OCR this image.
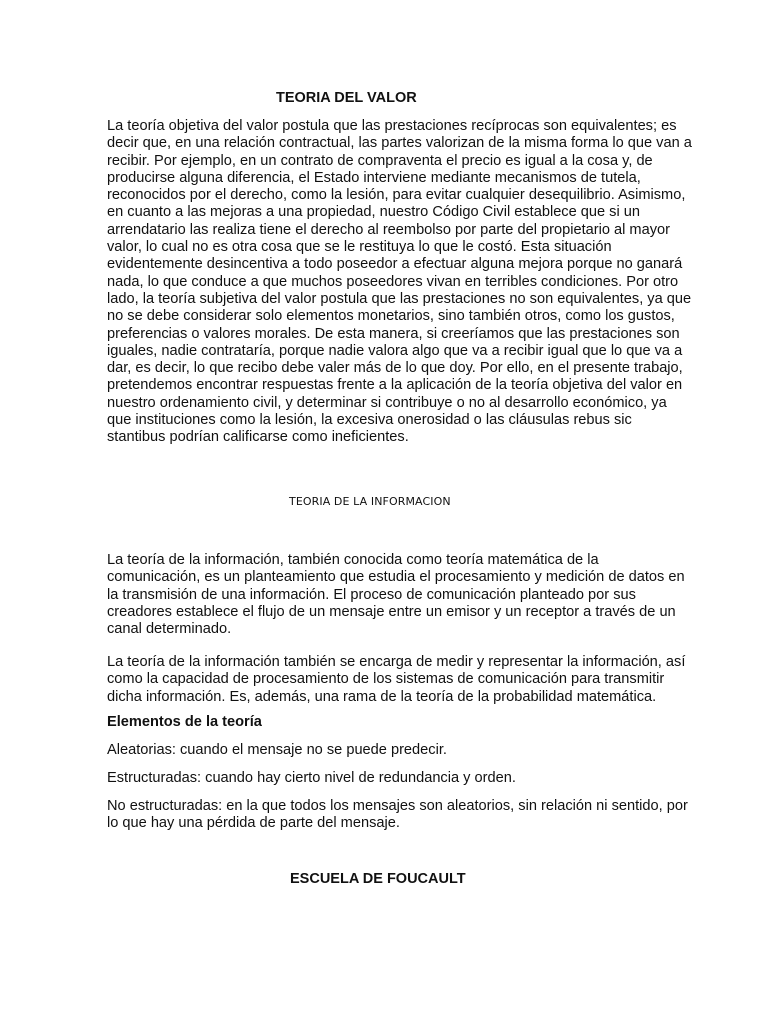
TEORIA DEL VALOR

La teoría objetiva del valor postula que las prestaciones recíprocas son equivalentes; es
decir que, en una relación contractual, las partes valorizan de la misma forma lo que van a
recibir. Por ejemplo, en un contrato de compraventa el precio es igual a la cosa y, de
producirse alguna diferencia, el Estado interviene mediante mecanismos de tutela,
reconocidos por el derecho, como la lesión, para evitar cualquier desequilibrio. Asimismo,
en cuanto a las mejoras a una propiedad, nuestro Código Civil establece que si un
arrendatario las realiza tiene el derecho al reembolso por parte del propietario al mayor
valor, lo cual no es otra cosa que se le restituya lo que le costó. Esta situación
evidentemente desincentiva a todo poseedor a efectuar alguna mejora porque no ganará
nada, lo que conduce a que muchos poseedores vivan en terribles condiciones. Por otro
lado, la teoría subjetiva del valor postula que las prestaciones no son equivalentes, ya que
no se debe considerar solo elementos monetarios, sino también otros, como los gustos,
preferencias o valores morales. De esta manera, si creeríamos que las prestaciones son
iguales, nadie contrataría, porque nadie valora algo que va a recibir igual que lo que va a
dar, es decir, lo que recibo debe valer más de lo que doy. Por ello, en el presente trabajo,
pretendemos encontrar respuestas frente a la aplicación de la teoría objetiva del valor en
nuestro ordenamiento civil, y determinar si contribuye o no al desarrollo económico, ya
que instituciones como la lesión, la excesiva onerosidad o las cláusulas rebus sic
stantibus podrían calificarse como ineficientes.

TEORIA DE LA INFORMACION

La teoría de la información, también conocida como teoría matemática de la
comunicación, es un planteamiento que estudia el procesamiento y medición de datos en
la transmisión de una información. El proceso de comunicación planteado por sus
creadores establece el flujo de un mensaje entre un emisor y un receptor a través de un
canal determinado.

La teoría de la información también se encarga de medir y representar la información, así
como la capacidad de procesamiento de los sistemas de comunicación para transmitir
dicha información. Es, además, una rama de la teoría de la probabilidad matemática.

Elementos de la teoría

Aleatorias: cuando el mensaje no se puede predecir.

Estructuradas: cuando hay cierto nivel de redundancia y orden.

No estructuradas: en la que todos los mensajes son aleatorios, sin relación ni sentido, por
lo que hay una pérdida de parte del mensaje.

ESCUELA DE FOUCAULT
